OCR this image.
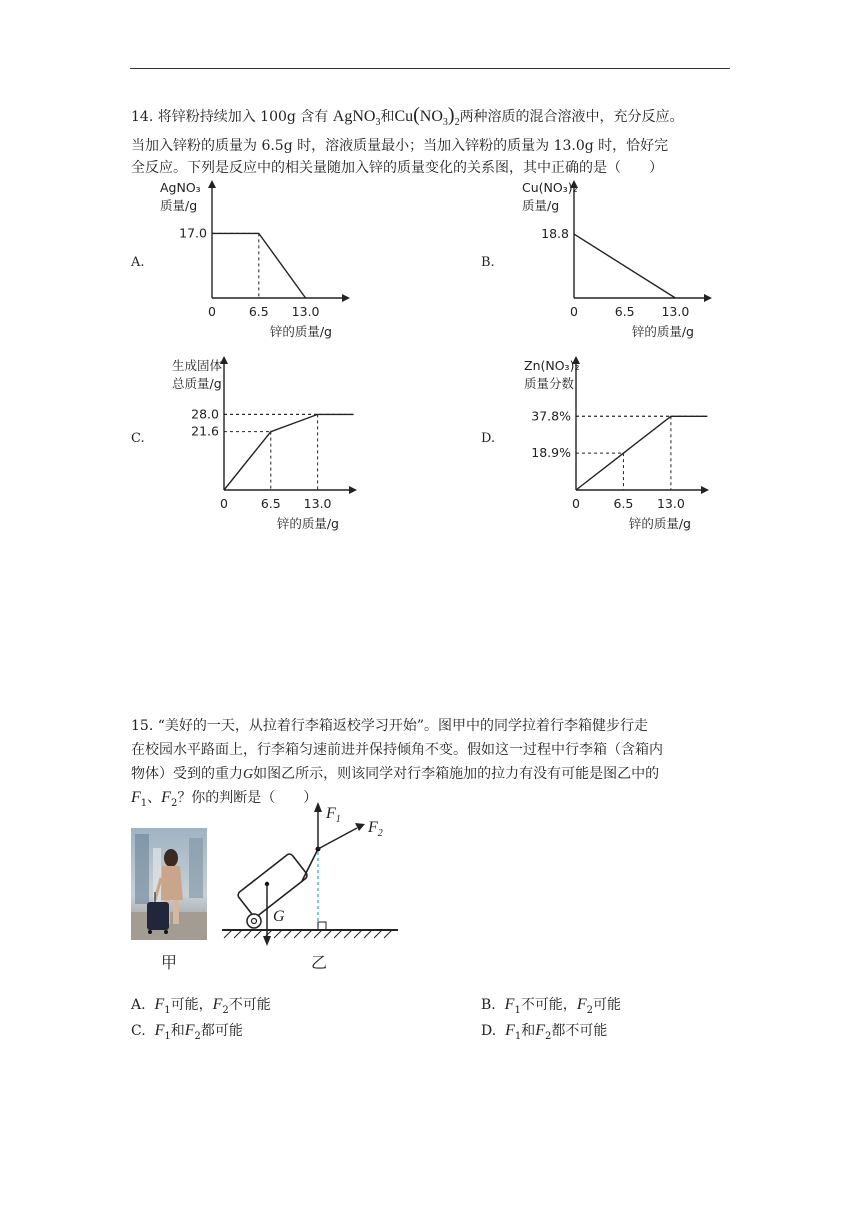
14. 将锌粉持续加入 100g 含有 AgNO$_3$和$Cu(NO_3)_2$两种溶质的混合溶液中，充分反应。
当加入锌粉的质量为 6.5g 时，溶液质量最小；当加入锌粉的质量为 13.0g 时，恰好完
全反应。下列是反应中的相关量随加入锌的质量变化的关系图，其中正确的是（　　）
A.	B.
C.	D.
AgNO₃
质量/g
0	6.5 13.0
锌的质量/g
17.0
Cu(NO₃)₂
质量/g
0	6.5 13.0
锌的质量/g
18.8
生成固体
总质量/g
0	6.5 13.0
锌的质量/g
21.6
28.0
Zn(NO₃)₂
质量分数
0	6.5 13.0
锌的质量/g
18.9%
37.8%
15. “美好的一天，从拉着行李箱返校学习开始”。图甲中的同学拉着行李箱健步行走
在校园水平路面上，行李箱匀速前进并保持倾角不变。假如这一过程中行李箱（含箱内
物体）受到的重力G如图乙所示，则该同学对行李箱施加的拉力有没有可能是图乙中的
$F_1$、$F_2$？你的判断是（　　）
甲
G
$F_1$ $F_2$
乙
A. $F_1$可能，$F_2$不可能	B. $F_1$不可能，$F_2$可能
C. $F_1$和$F_2$都可能	D. $F_1$和$F_2$都不可能
